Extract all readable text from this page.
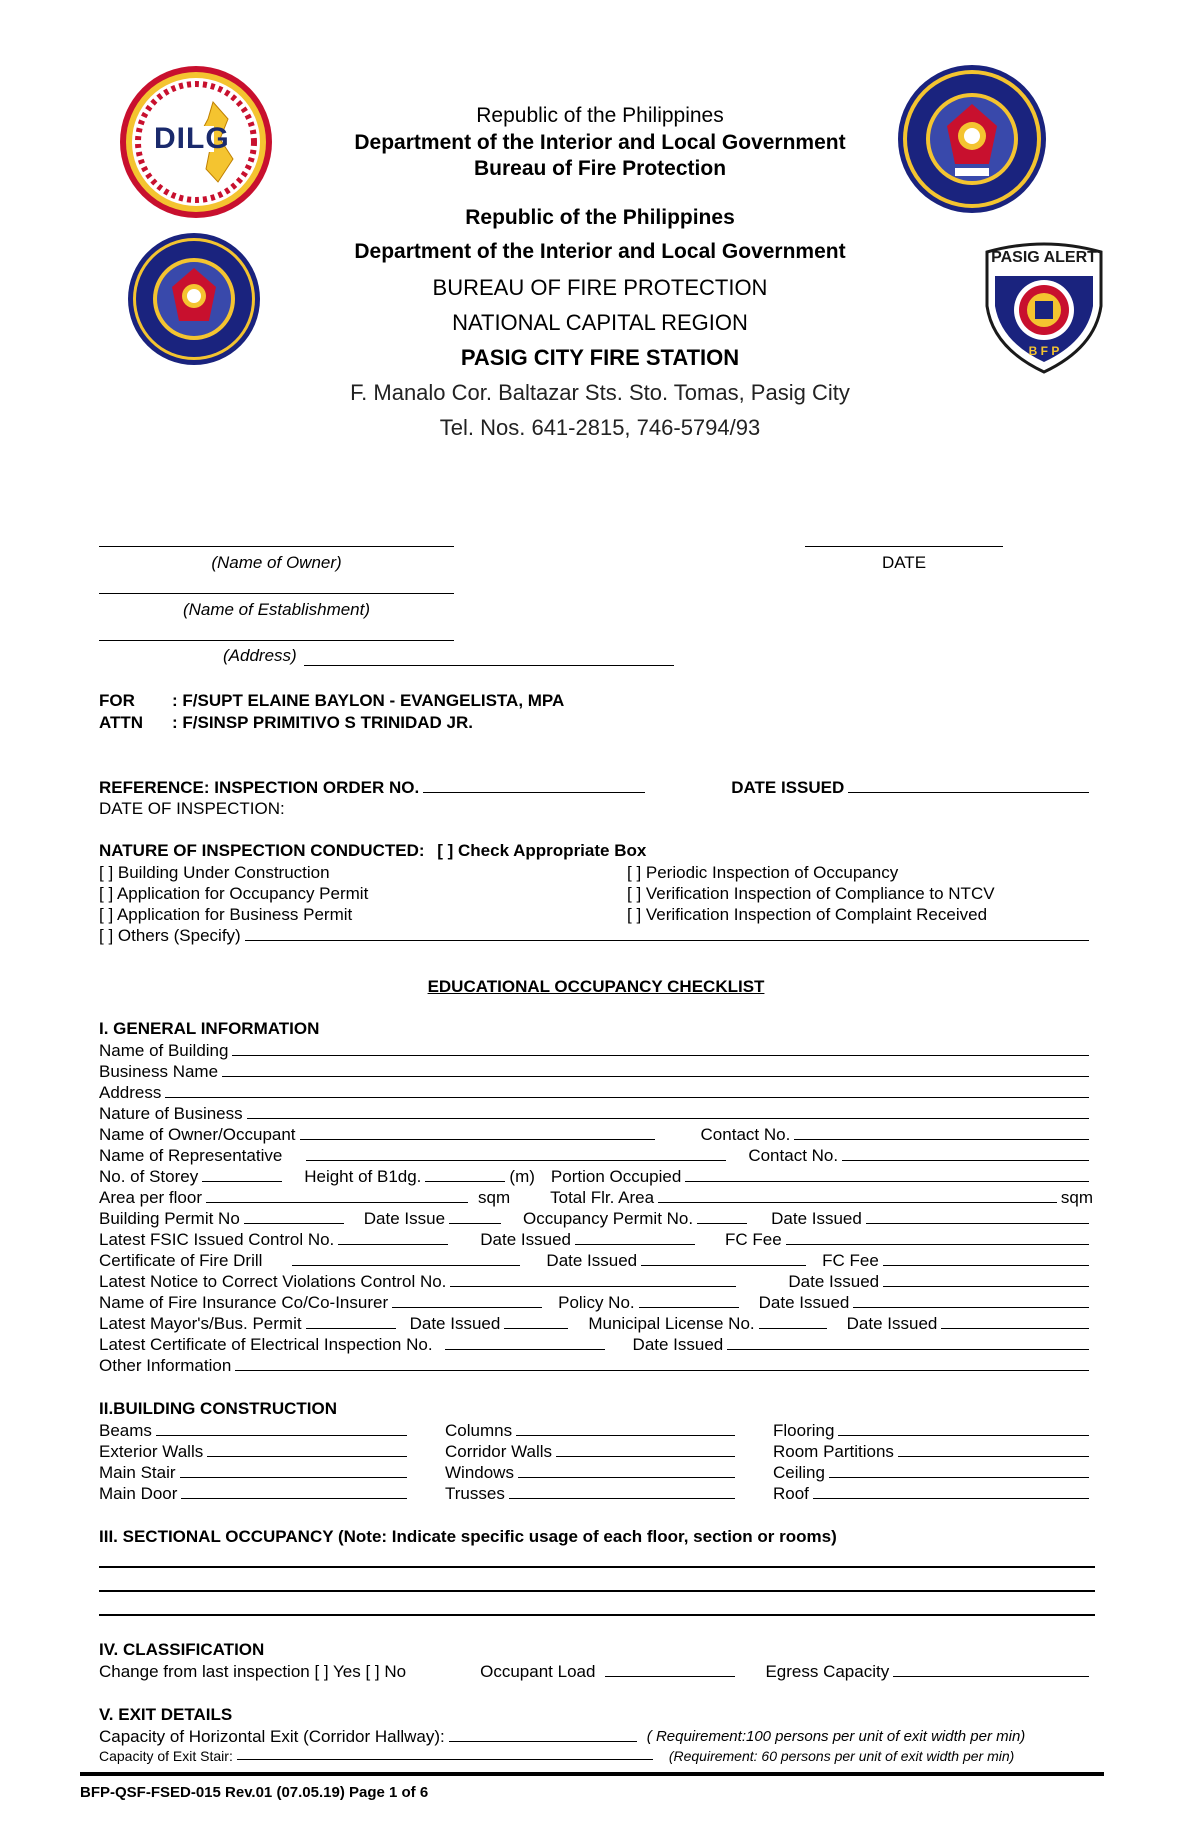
DILG
PASIG ALERT
B F P
Republic of the Philippines
Department of the Interior and Local Government
Bureau of Fire Protection
Republic of the Philippines
Department of the Interior and Local Government
BUREAU OF FIRE PROTECTION
NATIONAL CAPITAL REGION
PASIG CITY FIRE STATION
F. Manalo Cor. Baltazar Sts. Sto. Tomas, Pasig City
Tel. Nos. 641-2815, 746-5794/93
(Name of Owner)	DATE
(Name of Establishment)
(Address)
FOR : F/SUPT ELAINE BAYLON - EVANGELISTA, MPA
ATTN : F/SINSP PRIMITIVO S TRINIDAD JR.
REFERENCE: INSPECTION ORDER NO.	DATE ISSUED
DATE OF INSPECTION:
NATURE OF INSPECTION CONDUCTED: [ ] Check Appropriate Box
[ ] Building Under Construction
[ ] Application for Occupancy Permit
[ ] Application for Business Permit
[ ] Periodic Inspection of Occupancy
[ ] Verification Inspection of Compliance to NTCV
[ ] Verification Inspection of Complaint Received
[ ] Others (Specify)
EDUCATIONAL OCCUPANCY CHECKLIST
I. GENERAL INFORMATION
Name of Building
Business Name
Address
Nature of Business
Name of Owner/Occupant	Contact No.
Name of Representative	Contact No.
No. of Storey	Height of B1dg.	(m) Portion Occupied
Area per floor	sqm Total Flr. Area	sqm
Building Permit No	Date Issue	Occupancy Permit No.	Date Issued
Latest FSIC Issued Control No.	Date Issued	FC Fee
Certificate of Fire Drill	Date Issued	FC Fee
Latest Notice to Correct Violations Control No.	Date Issued
Name of Fire Insurance Co/Co-Insurer	Policy No.	Date Issued
Latest Mayor's/Bus. Permit	Date Issued	Municipal License No.	Date Issued
Latest Certificate of Electrical Inspection No.	Date Issued
Other Information
II.BUILDING CONSTRUCTION
Beams	Columns	Flooring
Exterior Walls	Corridor Walls	Room Partitions
Main Stair	Windows	Ceiling
Main Door	Trusses	Roof
III. SECTIONAL OCCUPANCY (Note: Indicate specific usage of each floor, section or rooms)
IV. CLASSIFICATION
Change from last inspection [ ] Yes [ ] No	Occupant Load	Egress Capacity
V. EXIT DETAILS
Capacity of Horizontal Exit (Corridor Hallway):	( Requirement:100 persons per unit of exit width per min)
Capacity of Exit Stair:	(Requirement: 60 persons per unit of exit width per min)
BFP-QSF-FSED-015 Rev.01 (07.05.19) Page 1 of 6
